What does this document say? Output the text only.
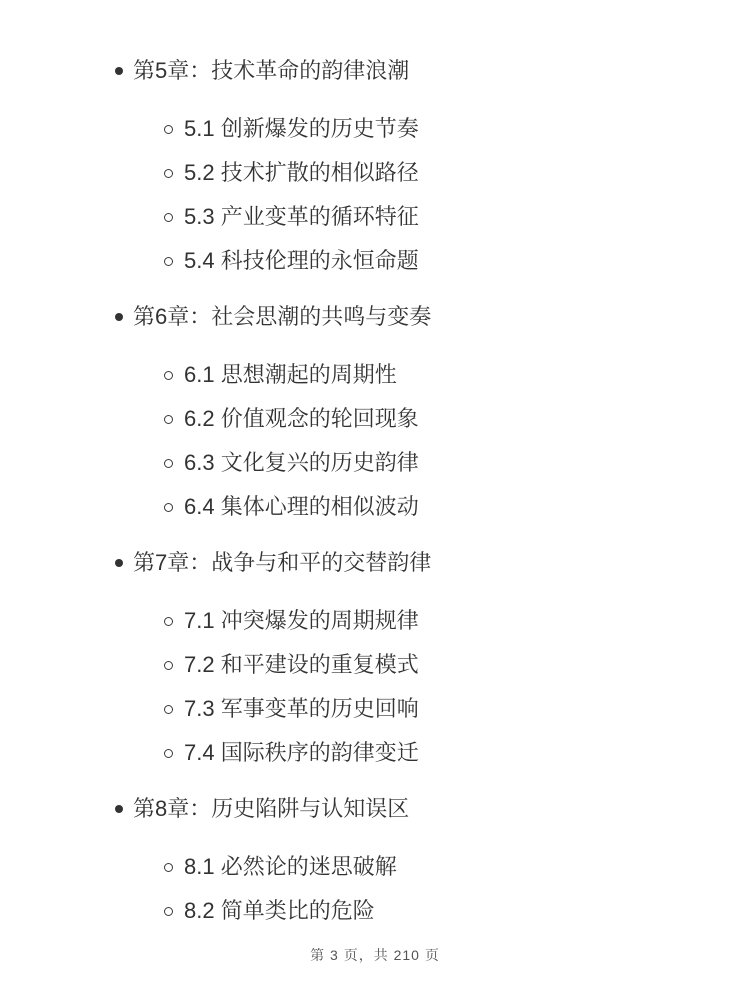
第5章：技术革命的韵律浪潮
5.1 创新爆发的历史节奏
5.2 技术扩散的相似路径
5.3 产业变革的循环特征
5.4 科技伦理的永恒命题
第6章：社会思潮的共鸣与变奏
6.1 思想潮起的周期性
6.2 价值观念的轮回现象
6.3 文化复兴的历史韵律
6.4 集体心理的相似波动
第7章：战争与和平的交替韵律
7.1 冲突爆发的周期规律
7.2 和平建设的重复模式
7.3 军事变革的历史回响
7.4 国际秩序的韵律变迁
第8章：历史陷阱与认知误区
8.1 必然论的迷思破解
8.2 简单类比的危险
第 3 页，共 210 页
